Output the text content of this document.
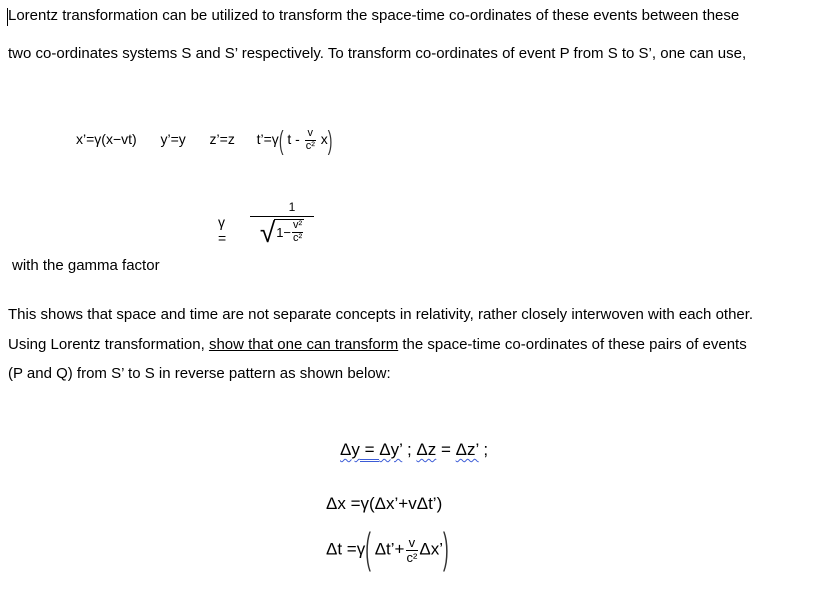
Lorentz transformation can be utilized to transform the space-time co-ordinates of these events between these

two co-ordinates systems S and S’ respectively. To transform co-ordinates of event P from S to S’, one can use,

x’=γ(x−vt) y’=y z’=z t’=γ( t - $\frac{v}{\text{c²}} x$)
γ =
1
√ $1- \frac{\text{v²}}{\text{c²}}$

with the gamma factor

This shows that space and time are not separate concepts in relativity, rather closely interwoven with each other.

Using Lorentz transformation, show that one can transform the space-time co-ordinates of these pairs of events

(P and Q) from S’ to S in reverse pattern as shown below:

Δy = Δy’ ; Δz = Δz’ ;
Δx =γ(Δx’+vΔt’)
Δt =γ( Δt’+ $\frac{v}{\text{c²}}$ Δx’)
